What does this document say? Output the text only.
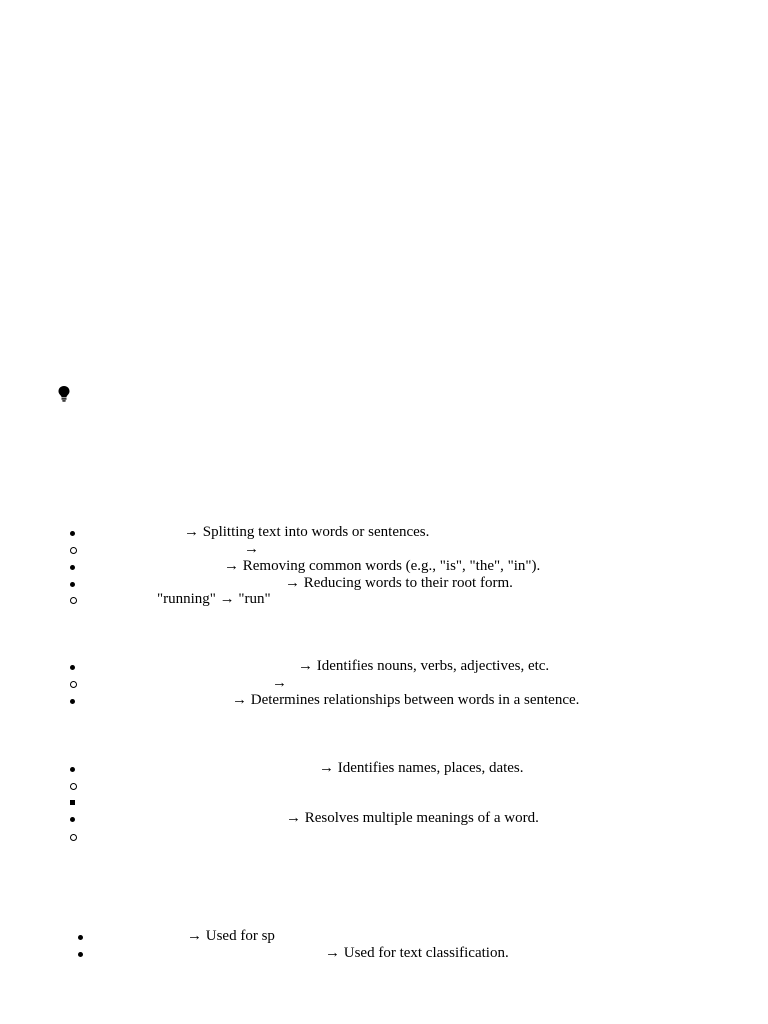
→ Splitting text into words or sentences.
→
→ Removing common words (e.g., "is", "the", "in").
→ Reducing words to their root form.
"running" → "run"
→ Identifies nouns, verbs, adjectives, etc.
→
→ Determines relationships between words in a sentence.
→ Identifies names, places, dates.
→ Resolves multiple meanings of a word.
→ Used for sp
→ Used for text classification.
